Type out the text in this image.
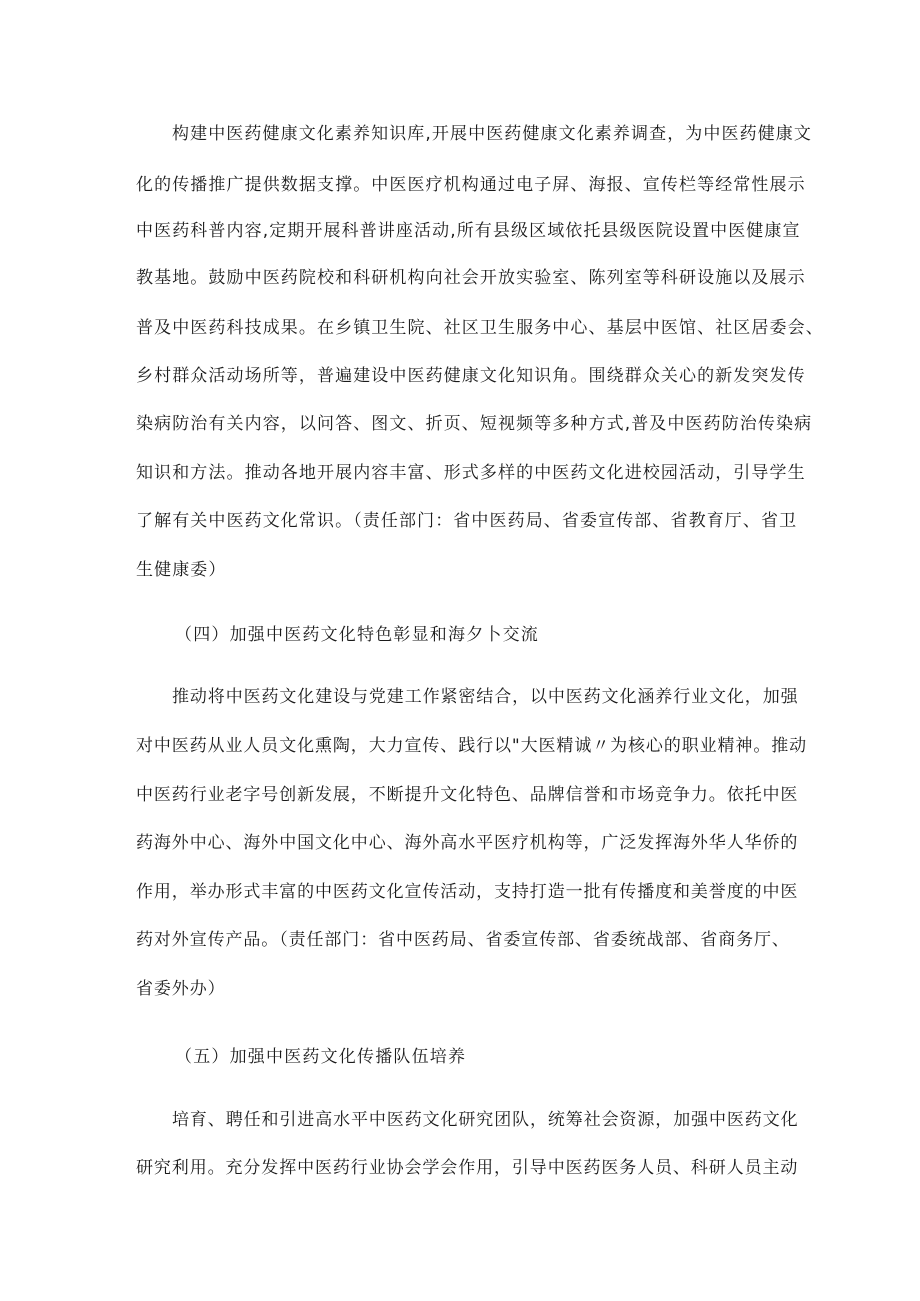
构建中医药健康文化素养知识库,开展中医药健康文化素养调查，为中医药健康文
化的传播推广提供数据支撑。中医医疗机构通过电子屏、海报、宣传栏等经常性展示
中医药科普内容,定期开展科普讲座活动,所有县级区域依托县级医院设置中医健康宣
教基地。鼓励中医药院校和科研机构向社会开放实验室、陈列室等科研设施以及展示
普及中医药科技成果。在乡镇卫生院、社区卫生服务中心、基层中医馆、社区居委会、
乡村群众活动场所等，普遍建设中医药健康文化知识角。围绕群众关心的新发突发传
染病防治有关内容，以问答、图文、折页、短视频等多种方式,普及中医药防治传染病
知识和方法。推动各地开展内容丰富、形式多样的中医药文化进校园活动，引导学生
了解有关中医药文化常识。（责任部门：省中医药局、省委宣传部、省教育厅、省卫
生健康委）
（四）加强中医药文化特色彰显和海夕卜交流
推动将中医药文化建设与党建工作紧密结合，以中医药文化涵养行业文化，加强
对中医药从业人员文化熏陶，大力宣传、践行以"大医精诚〃为核心的职业精神。推动
中医药行业老字号创新发展，不断提升文化特色、品牌信誉和市场竞争力。依托中医
药海外中心、海外中国文化中心、海外高水平医疗机构等，广泛发挥海外华人华侨的
作用，举办形式丰富的中医药文化宣传活动，支持打造一批有传播度和美誉度的中医
药对外宣传产品。（责任部门：省中医药局、省委宣传部、省委统战部、省商务厅、
省委外办）
（五）加强中医药文化传播队伍培养
培育、聘任和引进高水平中医药文化研究团队，统筹社会资源，加强中医药文化
研究利用。充分发挥中医药行业协会学会作用，引导中医药医务人员、科研人员主动
